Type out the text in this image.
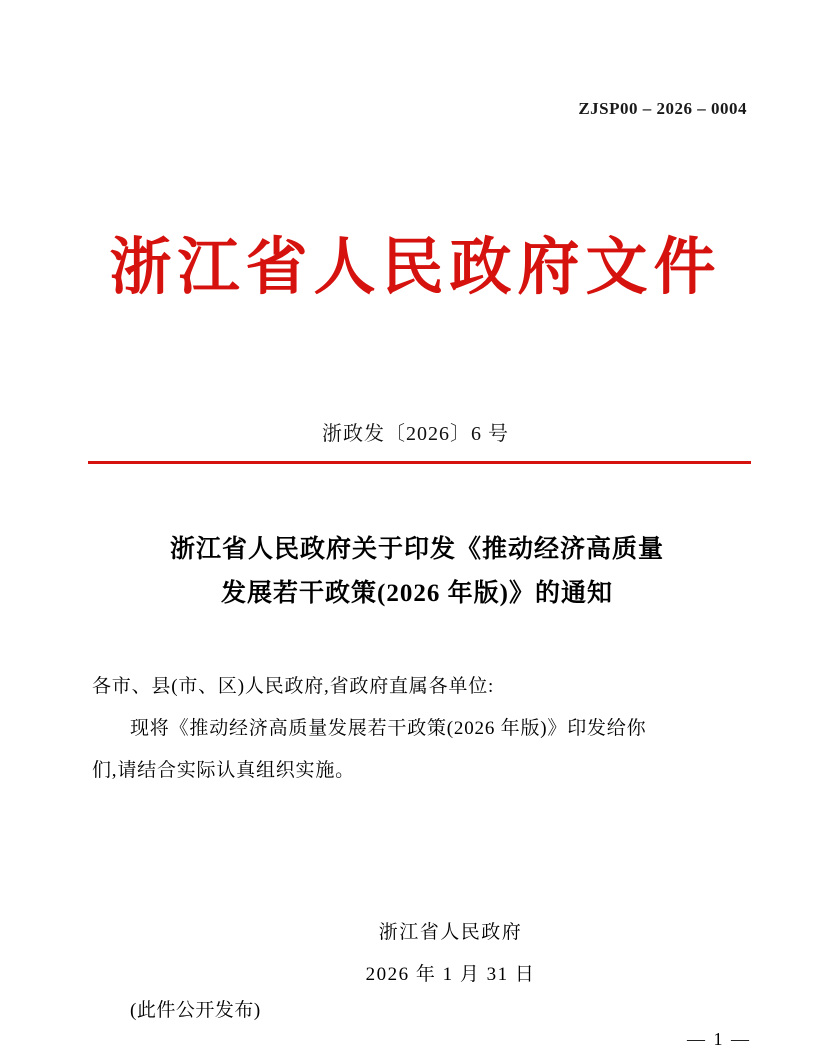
ZJSP00 – 2026 – 0004
浙江省人民政府文件
浙政发〔2026〕6 号
浙江省人民政府关于印发《推动经济高质量
发展若干政策(2026 年版)》的通知

各市、县(市、区)人民政府,省政府直属各单位:

现将《推动经济高质量发展若干政策(2026 年版)》印发给你

们,请结合实际认真组织实施。

浙江省人民政府
2026 年 1 月 31 日
(此件公开发布)
— 1 —
